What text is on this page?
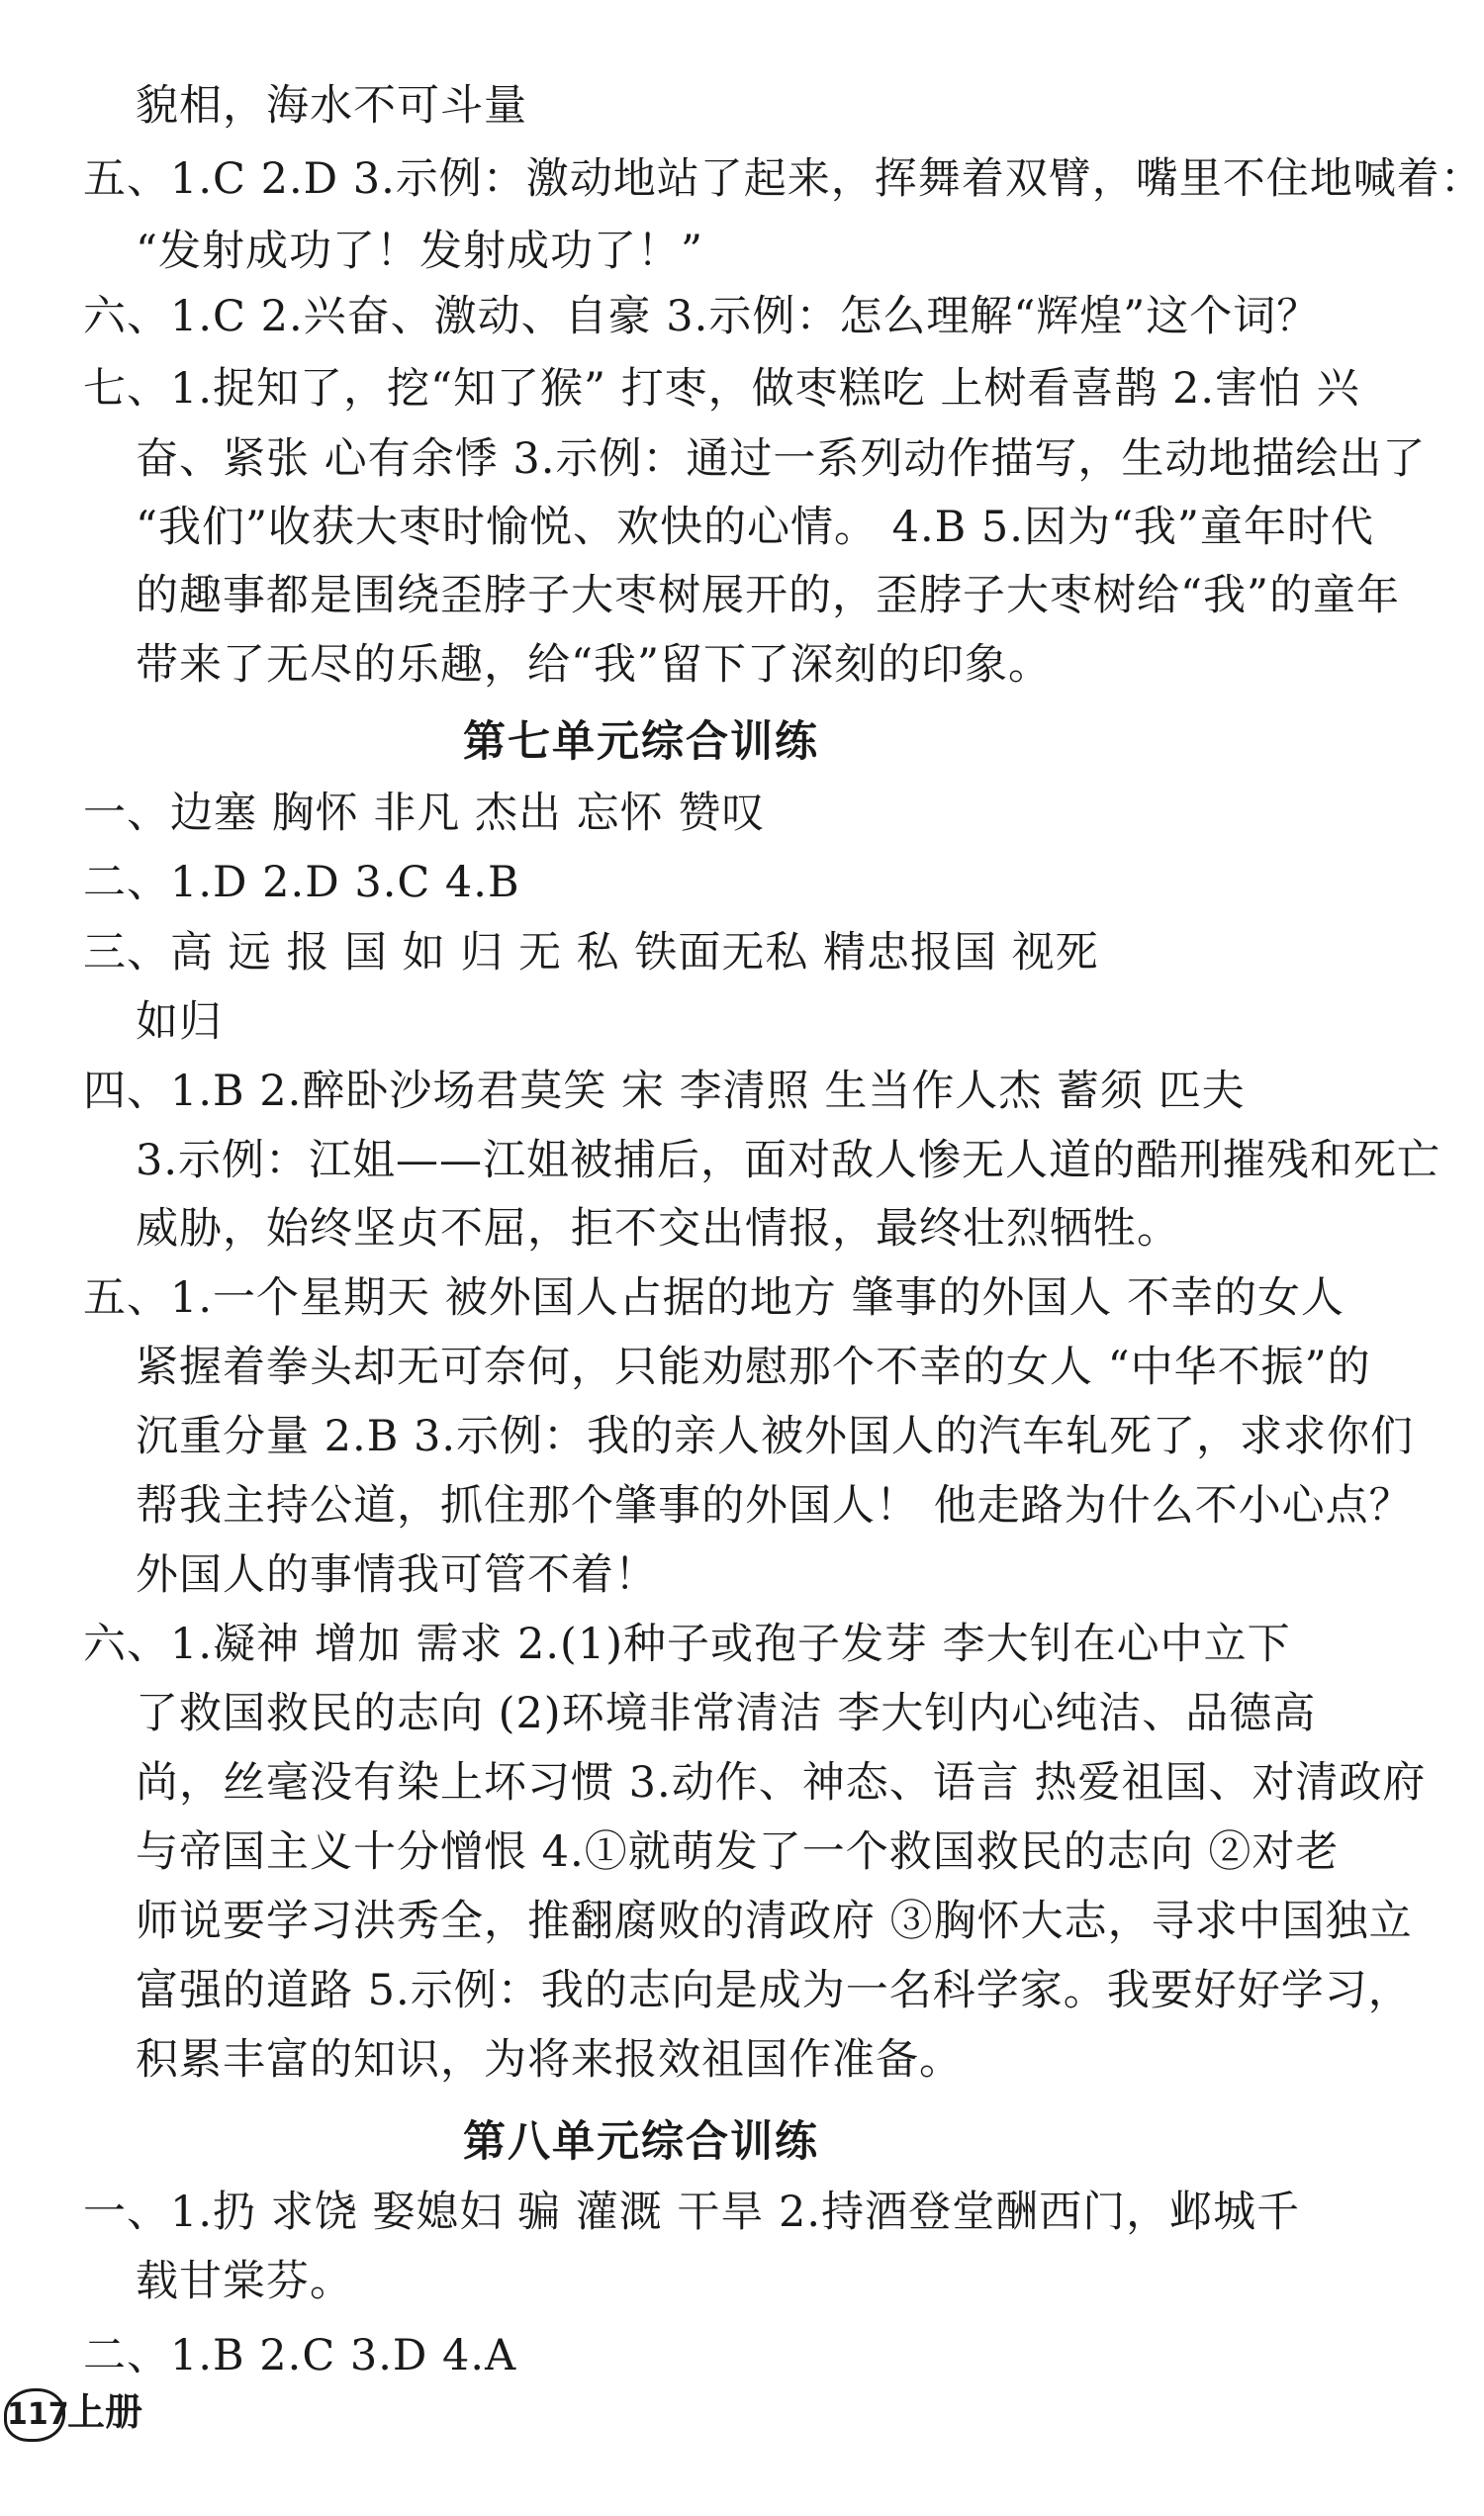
貌相，海水不可斗量
五、1.C 2.D 3.示例：激动地站了起来，挥舞着双臂，嘴里不住地喊着：
“发射成功了！发射成功了！”
六、1.C 2.兴奋、激动、自豪 3.示例：怎么理解“辉煌”这个词？
七、1.捉知了，挖“知了猴” 打枣，做枣糕吃 上树看喜鹊 2.害怕 兴
奋、紧张 心有余悸 3.示例：通过一系列动作描写，生动地描绘出了
“我们”收获大枣时愉悦、欢快的心情。 4.B 5.因为“我”童年时代
的趣事都是围绕歪脖子大枣树展开的，歪脖子大枣树给“我”的童年
带来了无尽的乐趣，给“我”留下了深刻的印象。
第七单元综合训练
一、边塞 胸怀 非凡 杰出 忘怀 赞叹
二、1.D 2.D 3.C 4.B
三、高 远 报 国 如 归 无 私 铁面无私 精忠报国 视死
如归
四、1.B 2.醉卧沙场君莫笑 宋 李清照 生当作人杰 蓄须 匹夫
3.示例：江姐——江姐被捕后，面对敌人惨无人道的酷刑摧残和死亡
威胁，始终坚贞不屈，拒不交出情报，最终壮烈牺牲。
五、1.一个星期天 被外国人占据的地方 肇事的外国人 不幸的女人
紧握着拳头却无可奈何，只能劝慰那个不幸的女人 “中华不振”的
沉重分量 2.B 3.示例：我的亲人被外国人的汽车轧死了，求求你们
帮我主持公道，抓住那个肇事的外国人！ 他走路为什么不小心点？
外国人的事情我可管不着！
六、1.凝神 增加 需求 2.(1)种子或孢子发芽 李大钊在心中立下
了救国救民的志向 (2)环境非常清洁 李大钊内心纯洁、品德高
尚，丝毫没有染上坏习惯 3.动作、神态、语言 热爱祖国、对清政府
与帝国主义十分憎恨 4.①就萌发了一个救国救民的志向 ②对老
师说要学习洪秀全，推翻腐败的清政府 ③胸怀大志，寻求中国独立
富强的道路 5.示例：我的志向是成为一名科学家。我要好好学习，
积累丰富的知识，为将来报效祖国作准备。
第八单元综合训练
一、1.扔 求饶 娶媳妇 骗 灌溉 干旱 2.持酒登堂酬西门，邺城千
载甘棠芬。
二、1.B 2.C 3.D 4.A
117
上册
